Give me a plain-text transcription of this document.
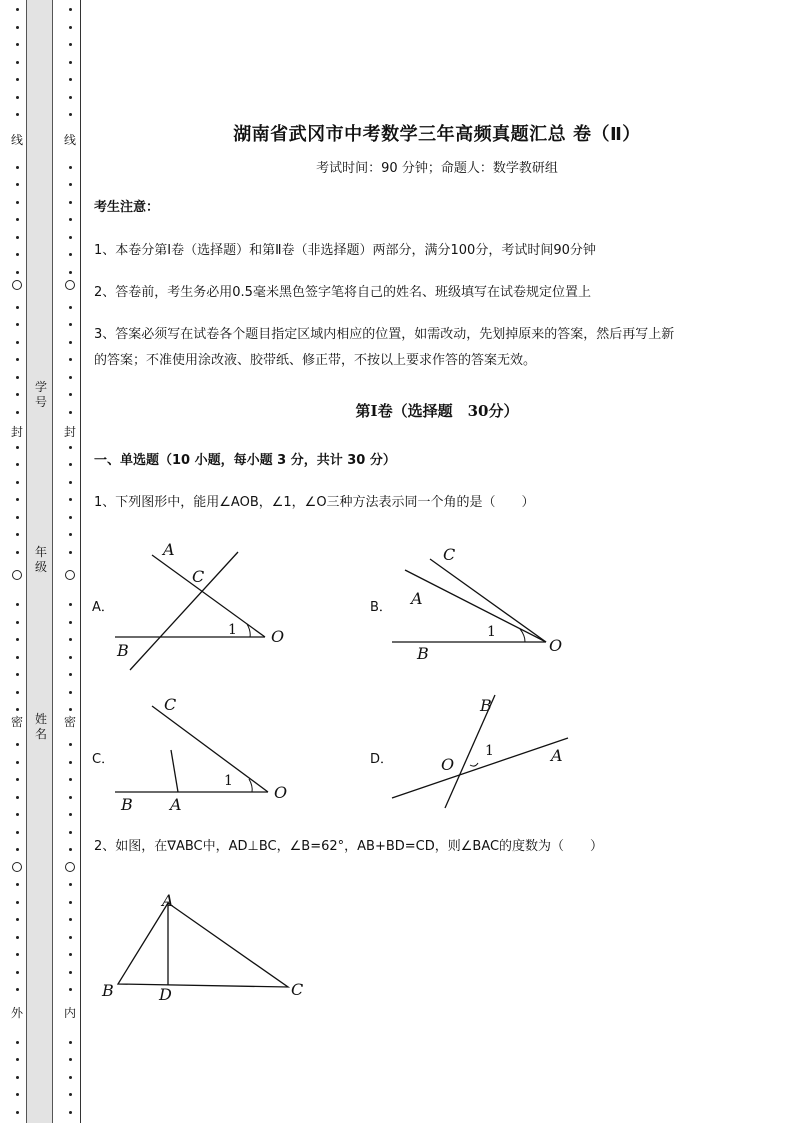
线
封
密
外
线
封
密
内
学号
年级
姓名
湖南省武冈市中考数学三年高频真题汇总 卷（Ⅱ）
考试时间：90 分钟；命题人：数学教研组
考生注意：
1、本卷分第Ⅰ卷（选择题）和第Ⅱ卷（非选择题）两部分，满分100分，考试时间90分钟
2、答卷前，考生务必用0.5毫米黑色签字笔将自己的姓名、班级填写在试卷规定位置上
3、答案必须写在试卷各个题目指定区域内相应的位置，如需改动，先划掉原来的答案，然后再写上新
的答案；不准使用涂改液、胶带纸、修正带，不按以上要求作答的答案无效。
第Ⅰ卷（选择题　30分）
一、单选题（10 小题，每小题 3 分，共计 30 分）
1、下列图形中，能用∠AOB，∠1，∠O三种方法表示同一个角的是（　　）
A．
A
C
B
O
1
B．
C
A
B	O
1
C．
C
B A
O
1
D．
B
O	A
1
2、如图，在∇ABC中，AD⊥BC，∠B=62°，AB+BD=CD，则∠BAC的度数为（　　）
A
B	D	C
